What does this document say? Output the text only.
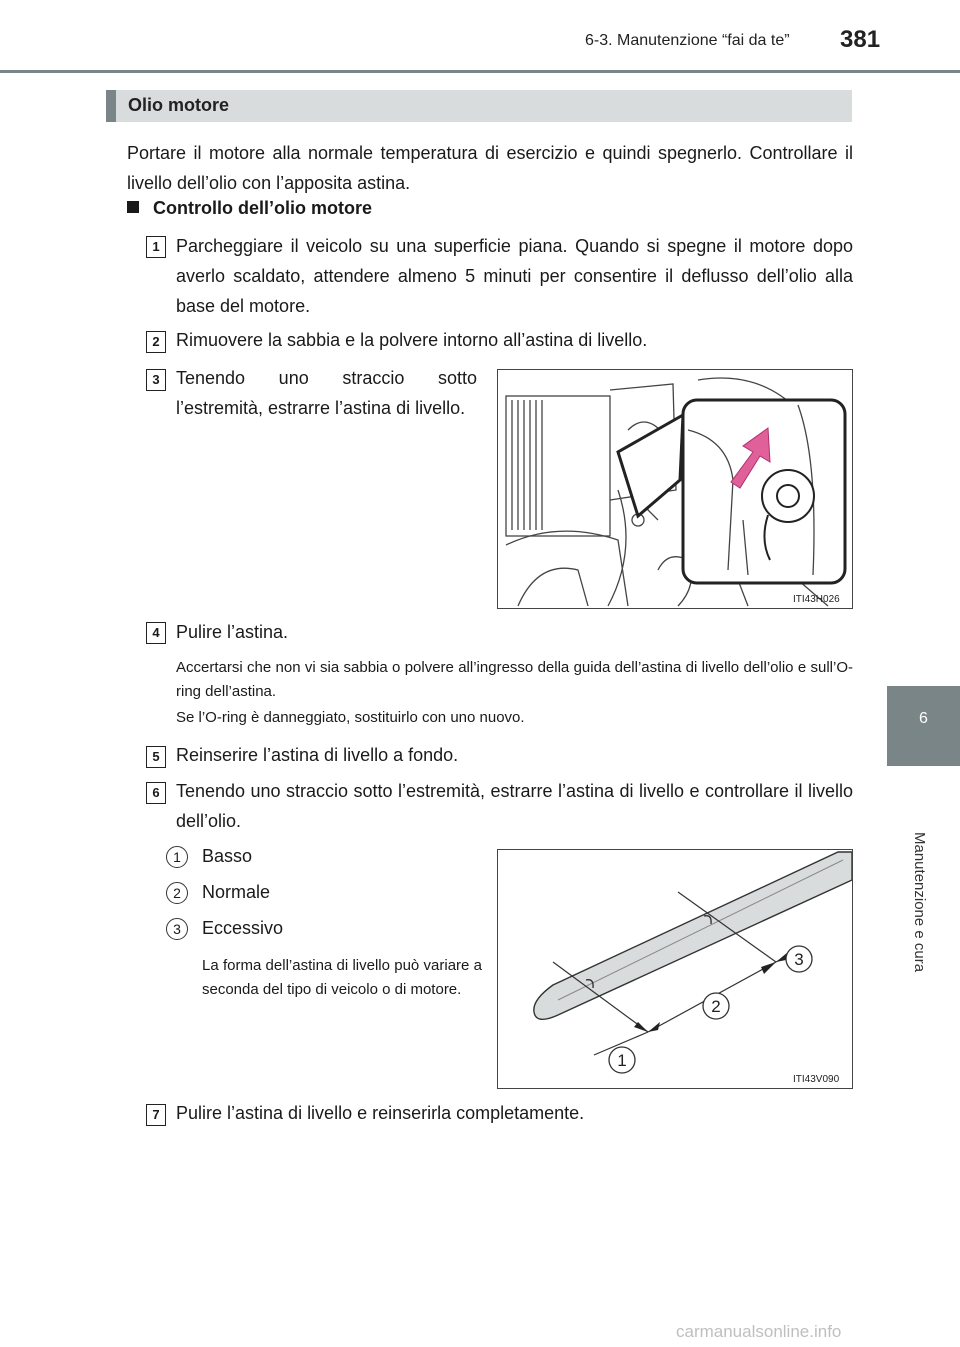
6-3. Manutenzione “fai da te” 381
6
Manutenzione e cura
Olio motore
Portare il motore alla normale temperatura di esercizio e quindi spegnerlo. Controllare il livello dell’olio con l’apposita astina.
Controllo dell’olio motore
1 Parcheggiare il veicolo su una superficie piana. Quando si spegne il motore dopo averlo scaldato, attendere almeno 5 minuti per consentire il deflusso dell’olio alla base del motore.
2 Rimuovere la sabbia e la polvere intorno all’astina di livello.
3 Tenendo uno straccio sotto l’estremità, estrarre l’astina di livello.
ITI43H026
4 Pulire l’astina.
Accertarsi che non vi sia sabbia o polvere all’ingresso della guida dell’astina di livello dell’olio e sull’O-ring dell’astina.
Se l’O-ring è danneggiato, sostituirlo con uno nuovo.
5 Reinserire l’astina di livello a fondo.
6 Tenendo uno straccio sotto l’estremità, estrarre l’astina di livello e controllare il livello dell’olio.
1	Basso
2	Normale
3	Eccessivo
La forma dell’astina di livello può variare a seconda del tipo di veicolo o di motore.
1
2
3
ITI43V090
7 Pulire l’astina di livello e reinserirla completamente.
carmanualsonline.info
